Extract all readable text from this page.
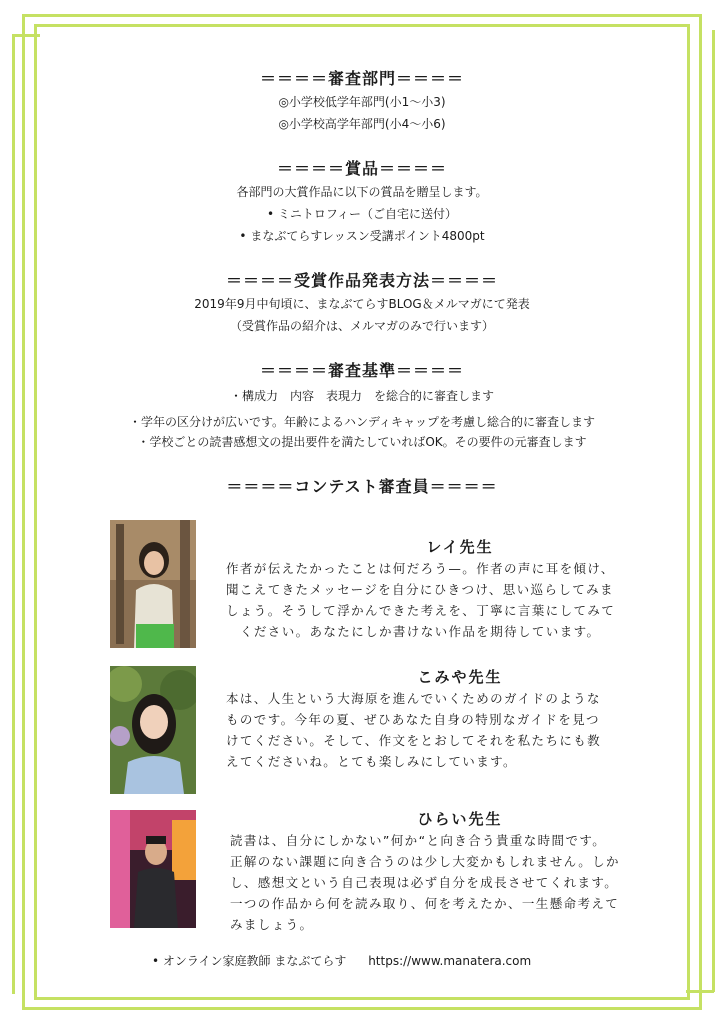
＝＝＝＝審査部門＝＝＝＝
◎小学校低学年部門(小1〜小3)
◎小学校高学年部門(小4〜小6)
＝＝＝＝賞品＝＝＝＝
各部門の大賞作品に以下の賞品を贈呈します。
• ミニトロフィー（ご自宅に送付）
• まなぶてらすレッスン受講ポイント4800pt
＝＝＝＝受賞作品発表方法＝＝＝＝
2019年9月中旬頃に、まなぶてらすBLOG＆メルマガにて発表
（受賞作品の紹介は、メルマガのみで行います）
＝＝＝＝審査基準＝＝＝＝
・構成力　内容　表現力　を総合的に審査します
・学年の区分けが広いです。年齢によるハンディキャップを考慮し総合的に審査します
・学校ごとの読書感想文の提出要件を満たしていればOK。その要件の元審査します
＝＝＝＝コンテスト審査員＝＝＝＝
レイ先生
作者が伝えたかったことは何だろう—。作者の声に耳を傾け、
聞こえてきたメッセージを自分にひきつけ、思い巡らしてみま
しょう。そうして浮かんできた考えを、丁寧に言葉にしてみて
ください。あなたにしか書けない作品を期待しています。
こみや先生
本は、人生という大海原を進んでいくためのガイドのような
ものです。今年の夏、ぜひあなた自身の特別なガイドを見つ
けてください。そして、作文をとおしてそれを私たちにも教
えてくださいね。とても楽しみにしています。
ひらい先生
読書は、自分にしかない”何か“と向き合う貴重な時間です。
正解のない課題に向き合うのは少し大変かもしれません。しか
し、感想文という自己表現は必ず自分を成長させてくれます。
一つの作品から何を読み取り、何を考えたか、一生懸命考えて
みましょう。
• オンライン家庭教師 まなぶてらす https://www.manatera.com
